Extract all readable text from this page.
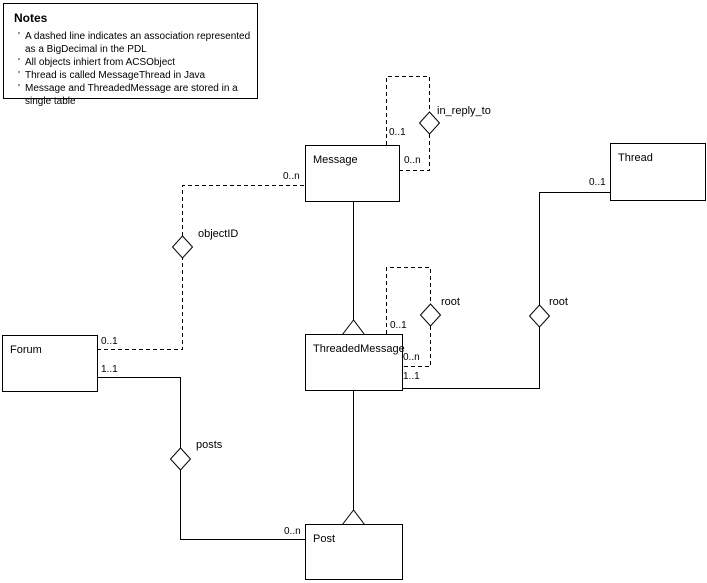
Notes
' A dashed line indicates an association represented
as a BigDecimal in the PDL
' All objects inhiert from ACSObject
' Thread is called MessageThread in Java
' Message and ThreadedMessage are stored in a
single table
Message
ThreadedMessage
Post
Forum
Thread
in_reply_to
objectID
posts
root	root
0..1
0..n
0..n
0..1
1..1
0..n
0..1
0..n
1..1
0..1
